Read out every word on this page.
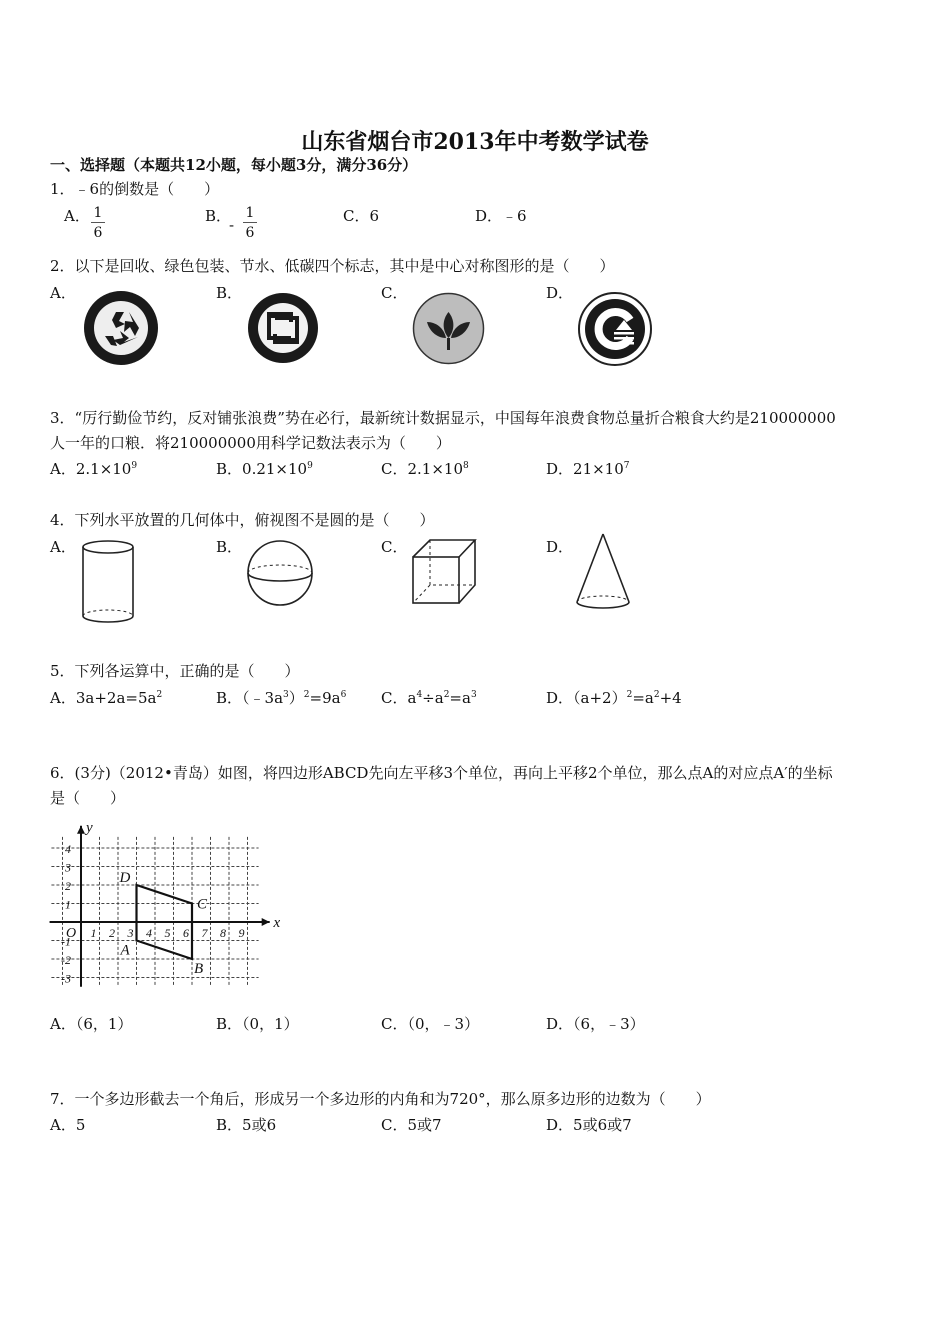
山东省烟台市2013年中考数学试卷
一、选择题（本题共12小题，每小题3分，满分36分）
1．﹣6的倒数是（　　）
A． $\frac{1}{6}$	B．
- $\frac{1}{6}$	C．6	D．﹣6
2．以下是回收、绿色包装、节水、低碳四个标志，其中是中心对称图形的是（　　）
A．	B．	C．	D．
3．“厉行勤俭节约，反对铺张浪费”势在必行，最新统计数据显示，中国每年浪费食物总量折合粮食大约是210000000
人一年的口粮．将210000000用科学记数法表示为（　　）
A．$2.1\times 10^9$	B．$0.21\times 10^9$	C．$2.1\times 10^8$	D．$21\times 10^7$
4．下列水平放置的几何体中，俯视图不是圆的是（　　）
A．	B．	C．	D．
5．下列各运算中，正确的是（　　）
A．$3a+2a=5a^2$	B．$(﹣3a^3)^2=9a^6$ C．$a^4\div a^2=a^3$	D．$(a+2)^2=a^2+4$
6．(3分)（2012•青岛）如图，将四边形ABCD先向左平移3个单位，再向上平移2个单位，那么点A的对应点A′的坐标
是（　　）
x
y
O 1 2 3 4 5 6 7 8 9
1
2
3
4
-1
-2
-3
A
B
C
D
A．（6，1）	B．（0，1）	C．（0，﹣3）	D．（6，﹣3）
7．一个多边形截去一个角后，形成另一个多边形的内角和为720°，那么原多边形的边数为（　　）
A．5	B．5或6	C．5或7	D．5或6或7
